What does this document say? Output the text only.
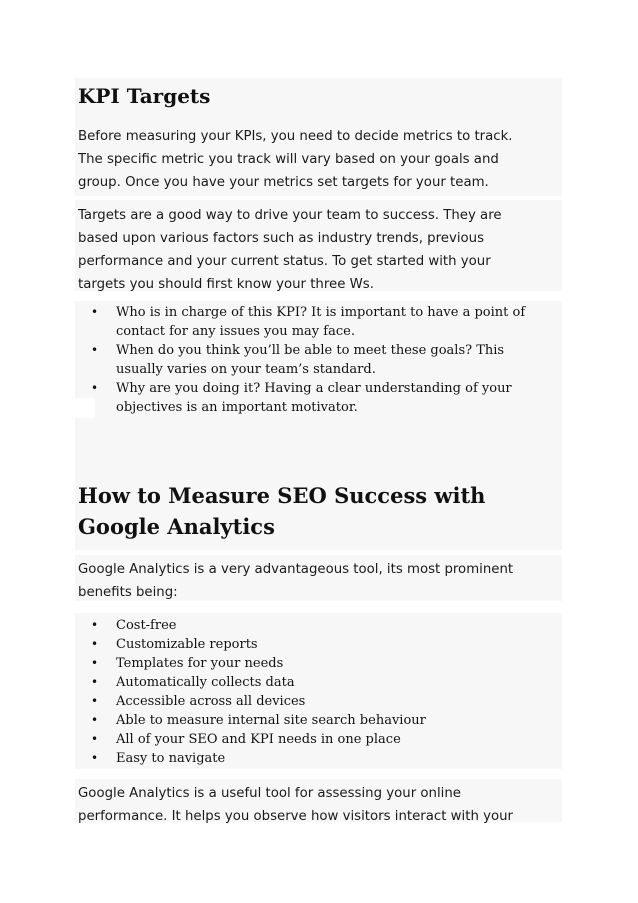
KPI Targets

Before measuring your KPIs, you need to decide metrics to track.

The specific metric you track will vary based on your goals and

group. Once you have your metrics set targets for your team.

Targets are a good way to drive your team to success. They are

based upon various factors such as industry trends, previous

performance and your current status. To get started with your

targets you should first know your three Ws.

• Who is in charge of this KPI? It is important to have a point of
contact for any issues you may face.
• When do you think you’ll be able to meet these goals? This
usually varies on your team’s standard.
• Why are you doing it? Having a clear understanding of your
objectives is an important motivator.
How to Measure SEO Success with
Google Analytics

Google Analytics is a very advantageous tool, its most prominent

benefits being:

• Cost-free
• Customizable reports
• Templates for your needs
• Automatically collects data
• Accessible across all devices
• Able to measure internal site search behaviour
• All of your SEO and KPI needs in one place
• Easy to navigate

Google Analytics is a useful tool for assessing your online

performance. It helps you observe how visitors interact with your
